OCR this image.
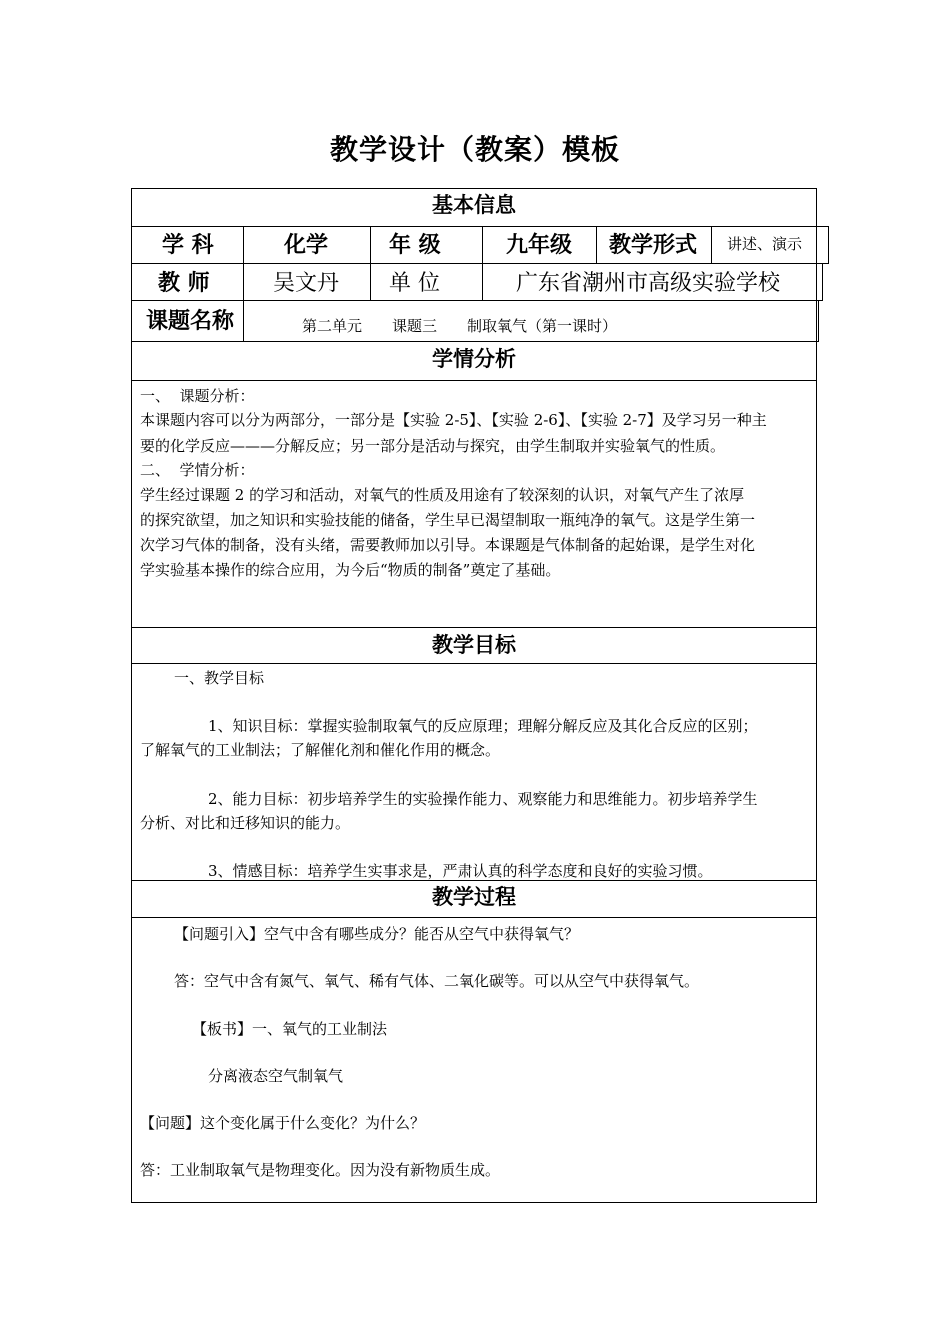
教学设计（教案）模板
基本信息
学 科	化学	年 级	九年级 教学形式 讲述、演示
教 师	吴文丹 单 位	广东省潮州市高级实验学校
课题名称	第二单元　　课题三　　制取氧气（第一课时）
学情分析
一、  课题分析：
本课题内容可以分为两部分，一部分是【实验 2-5】、【实验 2-6】、【实验 2-7】及学习另一种主
要的化学反应———分解反应；另一部分是活动与探究，由学生制取并实验氧气的性质。
二、  学情分析：
学生经过课题 2 的学习和活动，对氧气的性质及用途有了较深刻的认识，对氧气产生了浓厚
的探究欲望，加之知识和实验技能的储备，学生早已渴望制取一瓶纯净的氧气。这是学生第一
次学习气体的制备，没有头绪，需要教师加以引导。本课题是气体制备的起始课，是学生对化
学实验基本操作的综合应用，为今后“物质的制备”奠定了基础。
教学目标
一、教学目标
1、知识目标：掌握实验制取氧气的反应原理；理解分解反应及其化合反应的区别；
了解氧气的工业制法；了解催化剂和催化作用的概念。
2、能力目标：初步培养学生的实验操作能力、观察能力和思维能力。初步培养学生
分析、对比和迁移知识的能力。
3、情感目标：培养学生实事求是，严肃认真的科学态度和良好的实验习惯。
教学过程
【问题引入】空气中含有哪些成分？能否从空气中获得氧气？
答：空气中含有氮气、氧气、稀有气体、二氧化碳等。可以从空气中获得氧气。
【板书】一、氧气的工业制法
分离液态空气制氧气
【问题】这个变化属于什么变化？为什么？
答：工业制取氧气是物理变化。因为没有新物质生成。
